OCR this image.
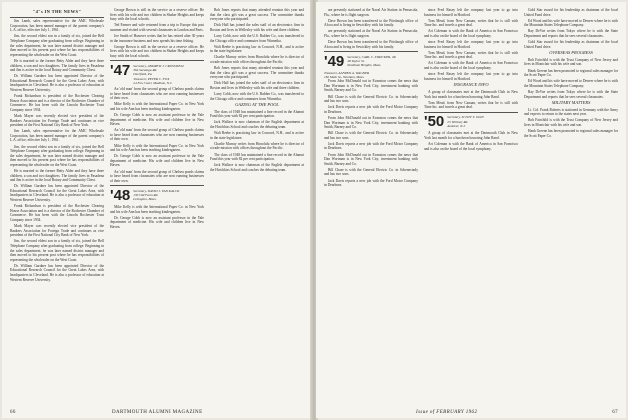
"4"s IN THE NEWS"

Jim Lamb, sales representative for the AMC Wholesale Corporation, has been named manager of the parent company's L.A. office, effective July 1, 1961.

Jim, the second eldest son in a family of six, joined the Bell Telephone Company after graduating from college. Beginning in the sales department, he was later named district manager and then moved to his present post where he has responsibilities of representing the wholesaler on the West Coast.

He is married to the former Betty Alder and they have three children, a son and two daughters. The family lives in Pasadena and Jim is active in the local Rotary and Community Chest.

Dr. William Gardner has been appointed Director of the Educational Research Council for the Great Lakes Area, with headquarters in Cleveland. He is also a professor of education at Western Reserve University.

Frank Richardson is president of the Rochester Clearing House Association and is a director of the Rochester Chamber of Commerce. He has been with the Lincoln Rochester Trust Company since 1934.

Mark Mayer was recently elected vice president of the Bankers Association for Foreign Trade and continues as vice president of the First National City Bank of New York.

Jim Lamb, sales representative for the AMC Wholesale Corporation, has been named manager of the parent company's L.A. office, effective July 1, 1961.

Jim, the second eldest son in a family of six, joined the Bell Telephone Company after graduating from college. Beginning in the sales department, he was later named district manager and then moved to his present post where he has responsibilities of representing the wholesaler on the West Coast.

He is married to the former Betty Alder and they have three children, a son and two daughters. The family lives in Pasadena and Jim is active in the local Rotary and Community Chest.

Dr. William Gardner has been appointed Director of the Educational Research Council for the Great Lakes Area, with headquarters in Cleveland. He is also a professor of education at Western Reserve University.

Frank Richardson is president of the Rochester Clearing House Association and is a director of the Rochester Chamber of Commerce. He has been with the Lincoln Rochester Trust Company since 1934.

Mark Mayer was recently elected vice president of the Bankers Association for Foreign Trade and continues as vice president of the First National City Bank of New York.

Jim, the second eldest son in a family of six, joined the Bell Telephone Company after graduating from college. Beginning in the sales department, he was later named district manager and then moved to his present post where he has responsibilities of representing the wholesaler on the West Coast.

Dr. William Gardner has been appointed Director of the Educational Research Council for the Great Lakes Area, with headquarters in Cleveland. He is also a professor of education at Western Reserve University.

George Brown is still in the service as a reserve officer. He lives with his wife and two children in Shaker Heights and keeps busy with the local schools.

Ted Farmer and wife returned from a trip to Europe this past summer and visited with several classmates in London and Paris.

Joe Smith of Hanover writes that he has retired after 30 years in the insurance business and now spends his time fishing.

George Brown is still in the service as a reserve officer. He lives with his wife and two children in Shaker Heights and keeps busy with the local schools.

'47 Secretary, ANDREW J. CROSSWELL
364 Saratoga Rd.
Deerfield, Pa.
Treasurer, PETER C. FOX
24 Fox Court, Madison, N.J.

An 'old man' from the second group of Chelsea ponds claims to have heard from classmates who are now running businesses of their own.

Mike Kelly is with the International Paper Co. in New York and his wife Ann has been teaching kindergarten.

Dr. George Cobb is now an assistant professor in the Yale department of medicine. His wife and children live in New Haven.

An 'old man' from the second group of Chelsea ponds claims to have heard from classmates who are now running businesses of their own.

Mike Kelly is with the International Paper Co. in New York and his wife Ann has been teaching kindergarten.

Dr. George Cobb is now an assistant professor in the Yale department of medicine. His wife and children live in New Haven.

An 'old man' from the second group of Chelsea ponds claims to have heard from classmates who are now running businesses of their own.

'48 Secretary, DAVID J. VAN KALCK
130 Old Farm Rd.
Lexington, Mass.

Mike Kelly is with the International Paper Co. in New York and his wife Ann has been teaching kindergarten.

Dr. George Cobb is now an assistant professor in the Yale department of medicine. His wife and children live in New Haven.

Bob Jones reports that many attended reunion this year and that the class gift was a great success. The committee thanks everyone who participated.

Dick Hall has joined the sales staff of an electronics firm in Boston and lives in Wellesley with his wife and three children.

Larry Cobb, now with the U.S. Rubber Co., was transferred to the Chicago office and commutes from Winnetka.

Walt Beebe is practicing law in Concord, N.H., and is active in the state legislature.

Charlie Murray writes from Honolulu where he is director of a trade mission with offices throughout the Pacific.

Bob Jones reports that many attended reunion this year and that the class gift was a great success. The committee thanks everyone who participated.

Dick Hall has joined the sales staff of an electronics firm in Boston and lives in Wellesley with his wife and three children.

Larry Cobb, now with the U.S. Rubber Co., was transferred to the Chicago office and commutes from Winnetka.

GAZING AT THE POOL

The class of 1948 has maintained a fine record in the Alumni Fund this year with 82 per cent participation.

Jack Wallace is now chairman of the English department at the Hotchkiss School and coaches the debating team.

Walt Beebe is practicing law in Concord, N.H., and is active in the state legislature.

Charlie Murray writes from Honolulu where he is director of a trade mission with offices throughout the Pacific.

The class of 1948 has maintained a fine record in the Alumni Fund this year with 82 per cent participation.

Jack Wallace is now chairman of the English department at the Hotchkiss School and coaches the debating team.

66	DARTMOUTH ALUMNI MAGAZINE

are presently stationed at the Naval Air Station in Pensacola, Fla., where he is flight surgeon.

Dave Brown has been transferred to the Pittsburgh office of Alcoa and is living in Sewickley with his family.

are presently stationed at the Naval Air Station in Pensacola, Fla., where he is flight surgeon.

Dave Brown has been transferred to the Pittsburgh office of Alcoa and is living in Sewickley with his family.

'49 Secretary, CARL C. STRICKER, JR.
48 Taylor St.
Needham Heights, Mass.
Treasurer, ALFRED A. WAGNER
182 Main St., Wenham, Mass.

From John McDonald out in Evanston comes the news that Dan Wortman is in New York City, investment banking with Smith, Barney and Co.

Bill Chase is with the General Electric Co. in Schenectady and has two sons.

Jack Davis reports a new job with the Ford Motor Company in Dearborn.

From John McDonald out in Evanston comes the news that Dan Wortman is in New York City, investment banking with Smith, Barney and Co.

Bill Chase is with the General Electric Co. in Schenectady and has two sons.

Jack Davis reports a new job with the Ford Motor Company in Dearborn.

From John McDonald out in Evanston comes the news that Dan Wortman is in New York City, investment banking with Smith, Barney and Co.

Bill Chase is with the General Electric Co. in Schenectady and has two sons.

Jack Davis reports a new job with the Ford Motor Company in Dearborn.

since Fred Rasey left the company last year to go into business for himself in Hartford.

Tom Mead, from New Canaan, writes that he is still with Time Inc. and travels a great deal.

Art Coleman is with the Bank of America in San Francisco and is also on the board of the local symphony.

since Fred Rasey left the company last year to go into business for himself in Hartford.

Tom Mead, from New Canaan, writes that he is still with Time Inc. and travels a great deal.

Art Coleman is with the Bank of America in San Francisco and is also on the board of the local symphony.

since Fred Rasey left the company last year to go into business for himself in Hartford.

INSURANCE INFO

A group of classmates met at the Dartmouth Club in New York last month for a luncheon honoring John Rand.

Tom Mead, from New Canaan, writes that he is still with Time Inc. and travels a great deal.

'50 Secretary, SCOTT T. OLIN
25 Whitney Rd.
Andover, N.J.

A group of classmates met at the Dartmouth Club in New York last month for a luncheon honoring John Rand.

Art Coleman is with the Bank of America in San Francisco and is also on the board of the local symphony.

Gold Star award for his leadership as chairman of the local United Fund drive.

Ed Wood and his wife have moved to Denver where he is with the Mountain States Telephone Company.

Ray DeVoe writes from Tokyo where he is with the State Department and reports that he sees several classmates.

Gold Star award for his leadership as chairman of the local United Fund drive.

OVERSEAS PROGRESS

Bob Fairchild is with the Trust Company of New Jersey and lives in Montclair with his wife and son.

Hank Greene has been promoted to regional sales manager for the Scott Paper Co.

Ed Wood and his wife have moved to Denver where he is with the Mountain States Telephone Company.

Ray DeVoe writes from Tokyo where he is with the State Department and reports that he sees several classmates.

MILITARY MATTERS

Lt. Col. Frank Roberts is stationed in Germany with the Army and expects to return to the states next year.

Bob Fairchild is with the Trust Company of New Jersey and lives in Montclair with his wife and son.

Hank Greene has been promoted to regional sales manager for the Scott Paper Co.

Issue of FEBRUARY 1962	67
